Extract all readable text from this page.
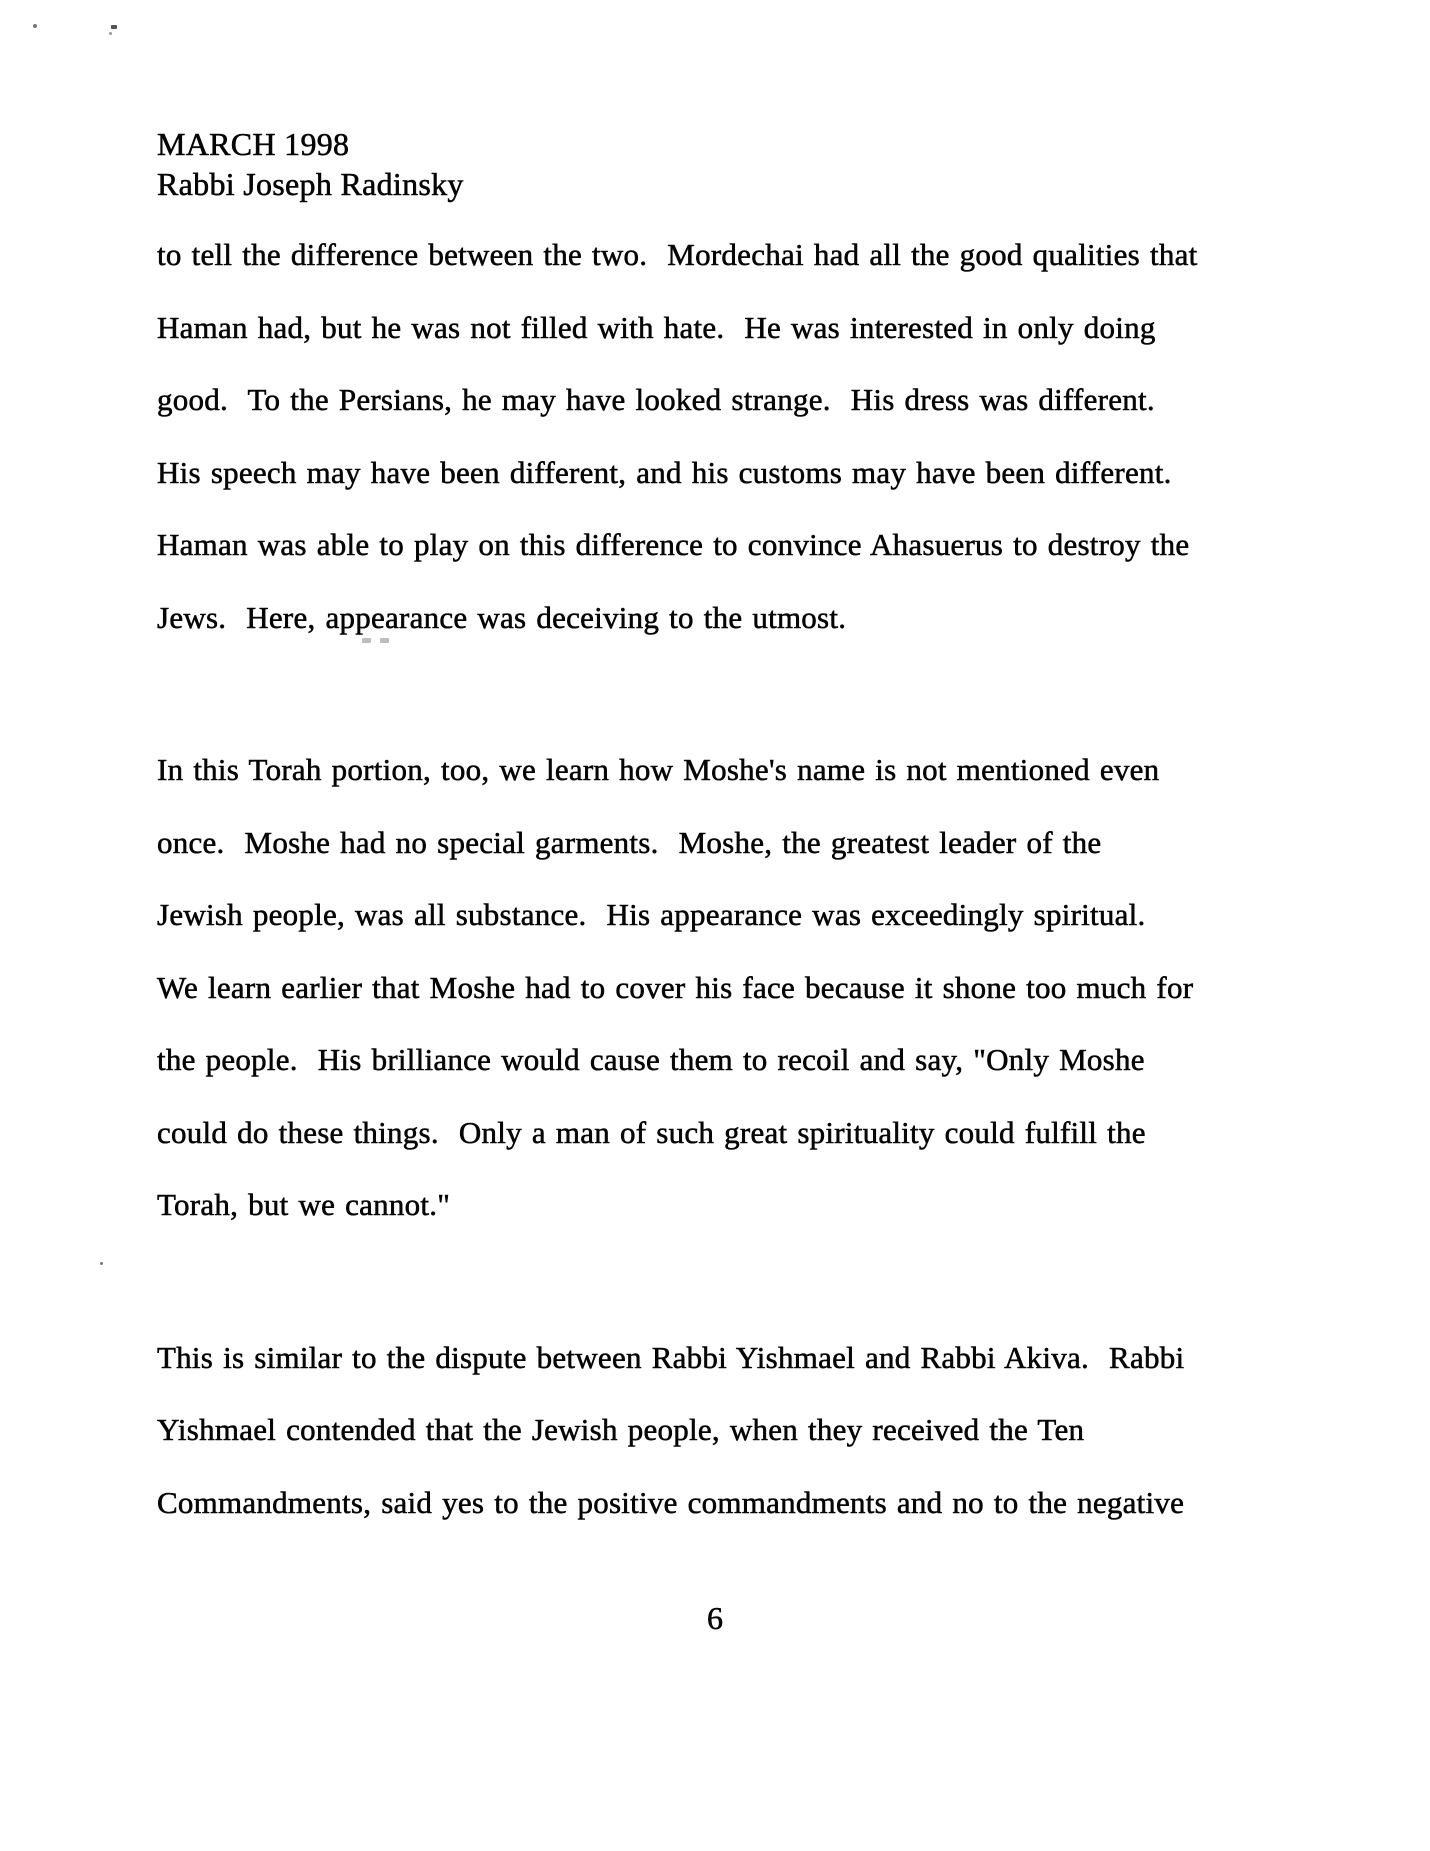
MARCH 1998
Rabbi Joseph Radinsky
to tell the difference between the two.  Mordechai had all the good qualities that
Haman had, but he was not filled with hate.  He was interested in only doing
good.  To the Persians, he may have looked strange.  His dress was different.
His speech may have been different, and his customs may have been different.
Haman was able to play on this difference to convince Ahasuerus to destroy the
Jews.  Here, appearance was deceiving to the utmost.
In this Torah portion, too, we learn how Moshe's name is not mentioned even
once.  Moshe had no special garments.  Moshe, the greatest leader of the
Jewish people, was all substance.  His appearance was exceedingly spiritual.
We learn earlier that Moshe had to cover his face because it shone too much for
the people.  His brilliance would cause them to recoil and say, "Only Moshe
could do these things.  Only a man of such great spirituality could fulfill the
Torah, but we cannot."
This is similar to the dispute between Rabbi Yishmael and Rabbi Akiva.  Rabbi
Yishmael contended that the Jewish people, when they received the Ten
Commandments, said yes to the positive commandments and no to the negative
6
